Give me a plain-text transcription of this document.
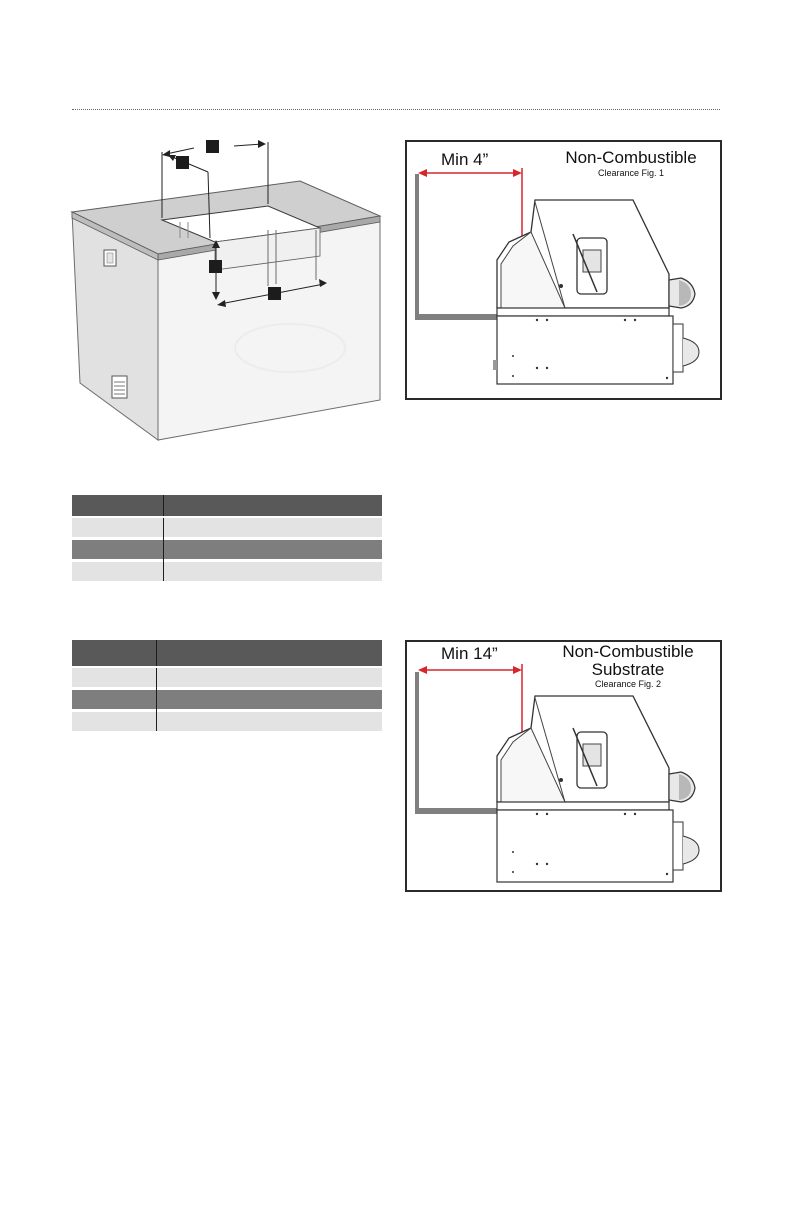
Min 4”	Non-Combustible
Clearance Fig. 1
Min 14”	Non-Combustible
Substrate
Clearance Fig. 2
